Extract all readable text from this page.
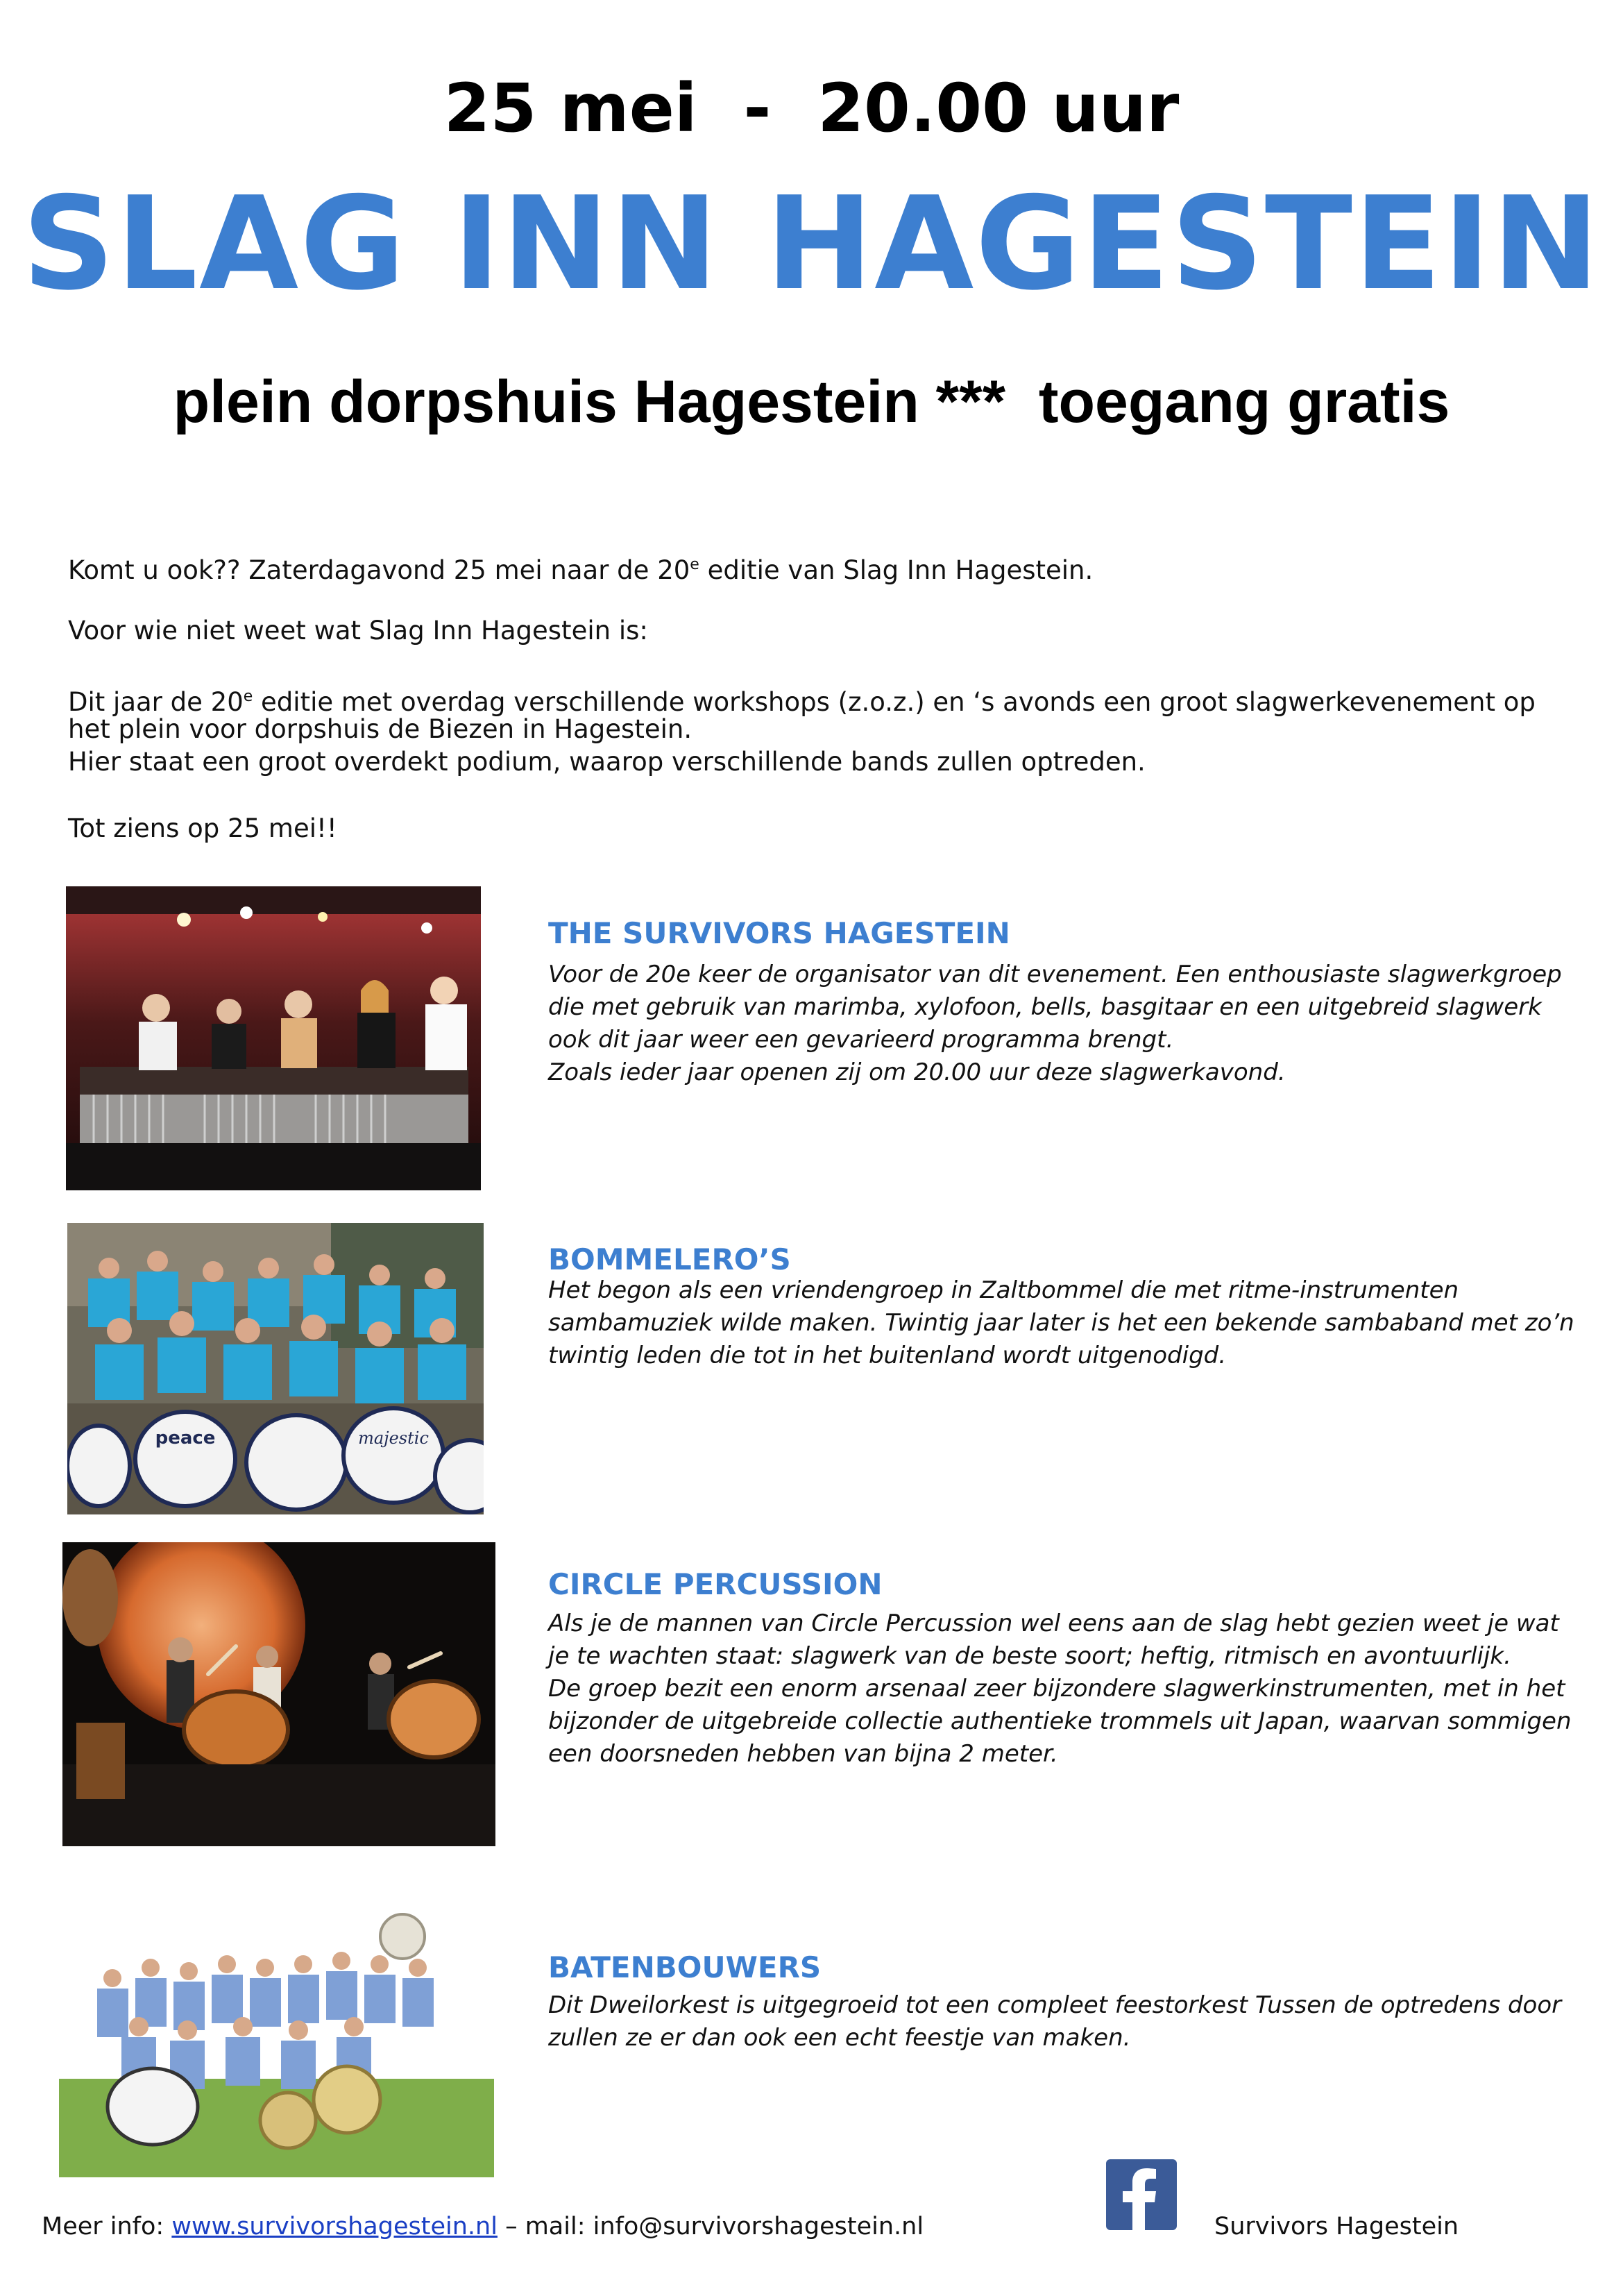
25 mei  -  20.00 uur
SLAG INN HAGESTEIN
plein dorpshuis Hagestein ***  toegang gratis
Komt u ook?? Zaterdagavond 25 mei naar de 20e editie van Slag Inn Hagestein.
Voor wie niet weet wat Slag Inn Hagestein is:
Dit jaar de 20e editie met overdag verschillende workshops (z.o.z.) en ‘s avonds een groot slagwerkevenement op
het plein voor dorpshuis de Biezen in Hagestein.
Hier staat een groot overdekt podium, waarop verschillende bands zullen optreden.
Tot ziens op 25 mei!!
THE SURVIVORS HAGESTEIN
Voor de 20e keer de organisator van dit evenement. Een enthousiaste slagwerkgroep
die met gebruik van marimba, xylofoon, bells, basgitaar en een uitgebreid slagwerk
ook dit jaar weer een gevarieerd programma brengt.
Zoals ieder jaar openen zij om 20.00 uur deze slagwerkavond.
peace	majestic
BOMMELERO’S
Het begon als een vriendengroep in Zaltbommel die met ritme-instrumenten
sambamuziek wilde maken. Twintig jaar later is het een bekende sambaband met zo’n
twintig leden die tot in het buitenland wordt uitgenodigd.
CIRCLE PERCUSSION
Als je de mannen van Circle Percussion wel eens aan de slag hebt gezien weet je wat
je te wachten staat: slagwerk van de beste soort; heftig, ritmisch en avontuurlijk.
De groep bezit een enorm arsenaal zeer bijzondere slagwerkinstrumenten, met in het
bijzonder de uitgebreide collectie authentieke trommels uit Japan, waarvan sommigen
een doorsneden hebben van bijna 2 meter.
BATENBOUWERS
Dit Dweilorkest is uitgegroeid tot een compleet feestorkest Tussen de optredens door
zullen ze er dan ook een echt feestje van maken.
Meer info: www.survivorshagestein.nl – mail: info@survivorshagestein.nl	Survivors Hagestein
